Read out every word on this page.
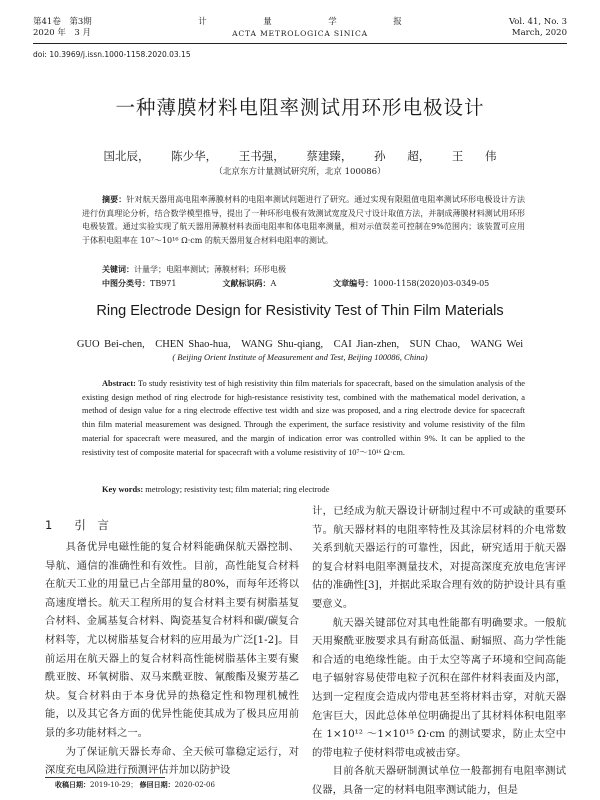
第41卷　第3期
2020 年　3 月
计　量　学　报
ACTA METROLOGICA SINICA
Vol. 41, No. 3
March, 2020
doi: 10.3969/j.issn.1000-1158.2020.03.15
一种薄膜材料电阻率测试用环形电极设计
国北辰， 陈少华， 王书强， 蔡建臻， 孙 超， 王 伟
（北京东方计量测试研究所，北京 100086）
摘要：针对航天器用高电阻率薄膜材料的电阻率测试问题进行了研究。通过实现有限阻值电阻率测试环形电极设计方法进行仿真理论分析，结合数学模型推导，提出了一种环形电极有效测试宽度及尺寸设计取值方法，并制成薄膜材料测试用环形电极装置。通过实验实现了航天器用薄膜材料表面电阻率和体电阻率测量，相对示值误差可控制在9%范围内；该装置可应用于体积电阻率在 10⁷～10¹⁶ Ω·cm 的航天器用复合材料电阻率的测试。
关键词：计量学；电阻率测试；薄膜材料；环形电极
中图分类号：TB971	文献标识码：A	文章编号：1000-1158(2020)03-0349-05
Ring Electrode Design for Resistivity Test of Thin Film Materials
GUO Bei-chen,　CHEN Shao-hua,　WANG Shu-qiang,　CAI Jian-zhen,　SUN Chao,　WANG Wei
( Beijing Orient Institute of Measurement and Test, Beijing 100086, China)
Abstract: To study resistivity test of high resistivity thin film materials for spacecraft, based on the simulation analysis of the existing design method of ring electrode for high-resistance resistivity test, combined with the mathematical model derivation, a method of design value for a ring electrode effective test width and size was proposed, and a ring electrode device for spacecraft thin film material measurement was designed. Through the experiment, the surface resistivity and volume resistivity of the film material for spacecraft were measured, and the margin of indication error was controlled within 9%. It can be applied to the resistivity test of composite material for spacecraft with a volume resistivity of 10⁷～10¹⁶ Ω·cm.
Key words: metrology; resistivity test; film material; ring electrode
1 引　言

具备优异电磁性能的复合材料能确保航天器控制、导航、通信的准确性和有效性。目前，高性能复合材料在航天工业的用量已占全部用量的80%，而每年还将以高速度增长。航天工程所用的复合材料主要有树脂基复合材料、金属基复合材料、陶瓷基复合材料和碳/碳复合材料等，尤以树脂基复合材料的应用最为广泛[1-2]。目前运用在航天器上的复合材料高性能树脂基体主要有聚酰亚胺、环氧树脂、双马来酰亚胺、氰酸酯及聚芳基乙炔。复合材料由于本身优异的热稳定性和物理机械性能，以及其它各方面的优异性能使其成为了极具应用前景的多功能材料之一。

为了保证航天器长寿命、全天候可靠稳定运行，对深度充电风险进行预测评估并加以防护设

计，已经成为航天器设计研制过程中不可或缺的重要环节。航天器材料的电阻率特性及其涂层材料的介电常数关系到航天器运行的可靠性，因此，研究适用于航天器的复合材料电阻率测量技术，对提高深度充放电危害评估的准确性[3]，并据此采取合理有效的防护设计具有重要意义。

航天器关键部位对其电性能都有明确要求。一般航天用聚酰亚胺要求具有耐高低温、耐辐照、高力学性能和合适的电绝缘性能。由于太空等离子环境和空间高能电子辐射容易使带电粒子沉积在部件材料表面及内部，达到一定程度会造成内带电甚至将材料击穿，对航天器危害巨大，因此总体单位明确提出了其材料体积电阻率在 1×10¹² ～1×10¹⁵ Ω·cm 的测试要求，防止太空中的带电粒子使材料带电或被击穿。

目前各航天器研制测试单位一般都拥有电阻率测试仪器，具备一定的材料电阻率测试能力，但是

收稿日期：2019-10-29； 修回日期：2020-02-06
